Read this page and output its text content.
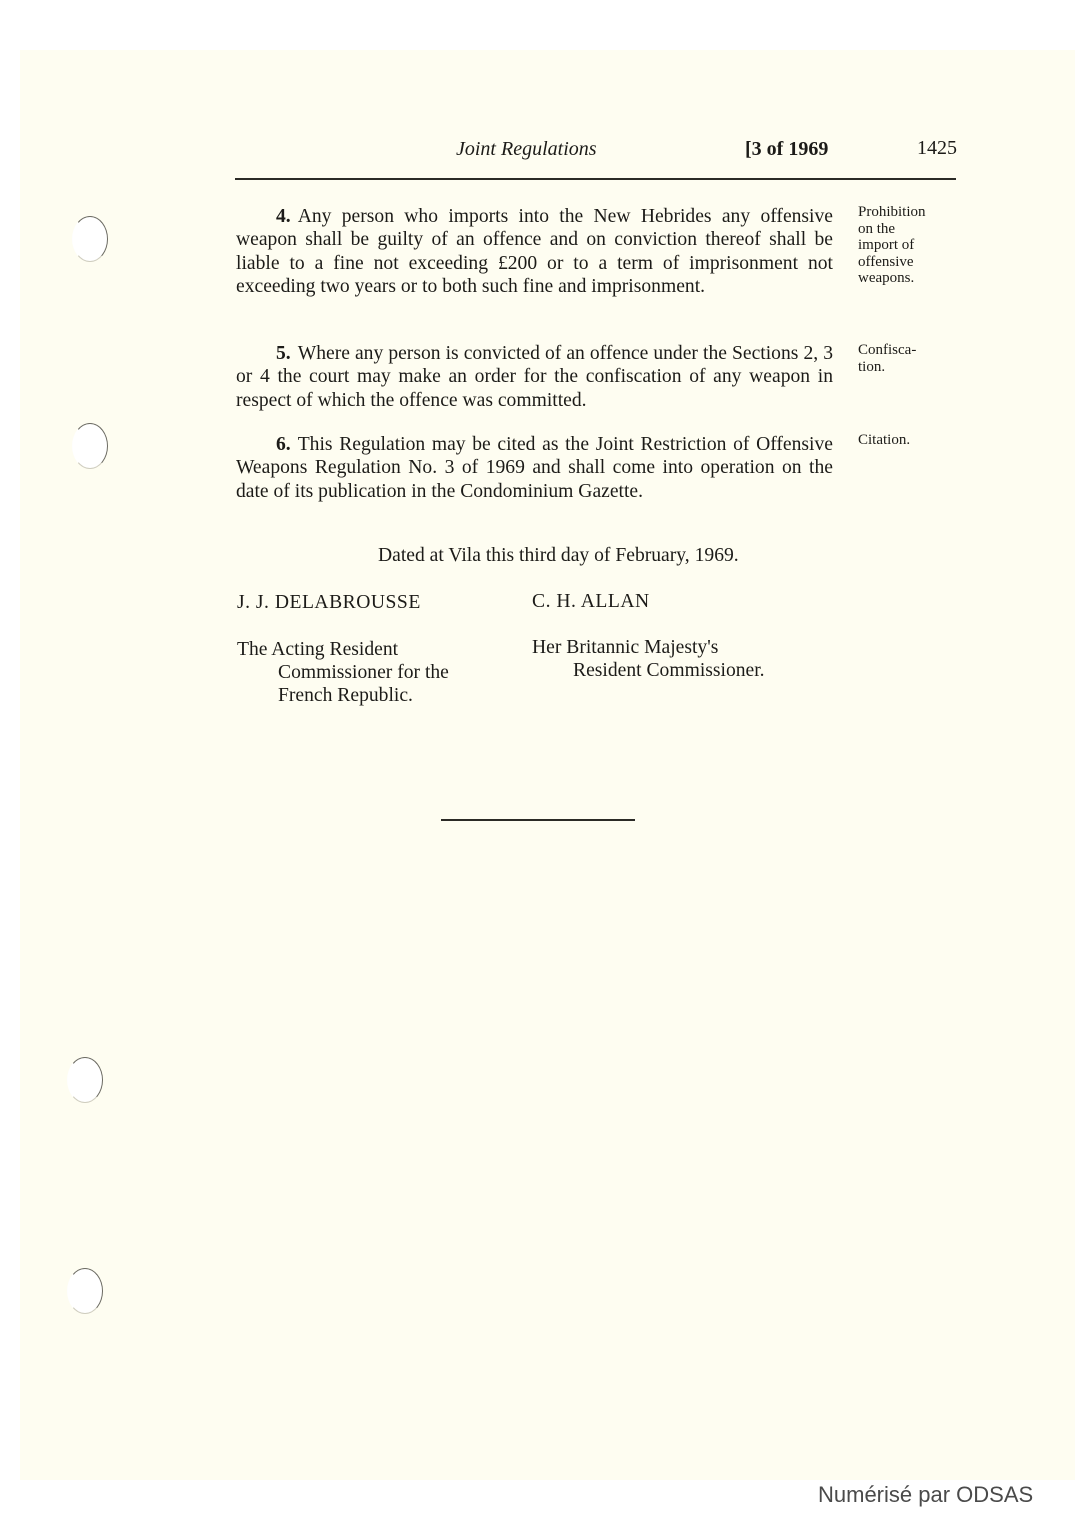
Joint Regulations	[3 of 1969	1425
4. Any person who imports into the New Hebrides any offensive weapon shall be guilty of an offence and on conviction thereof shall be liable to a fine not exceeding £200 or to a term of imprisonment not exceeding two years or to both such fine and imprisonment.
Prohibition
on the
import of
offensive
weapons.
5. Where any person is convicted of an offence under the Sections 2, 3 or 4 the court may make an order for the confiscation of any weapon in respect of which the offence was committed.
Confisca-
tion.
6. This Regulation may be cited as the Joint Restriction of Offensive Weapons Regulation No. 3 of 1969 and shall come into operation on the date of its publication in the Condominium Gazette.
Citation.
Dated at Vila this third day of February, 1969.
J. J. DELABROUSSE	C. H. ALLAN
The Acting Resident
Commissioner for the
French Republic.
Her Britannic Majesty's
Resident Commissioner.
Numérisé par ODSAS
